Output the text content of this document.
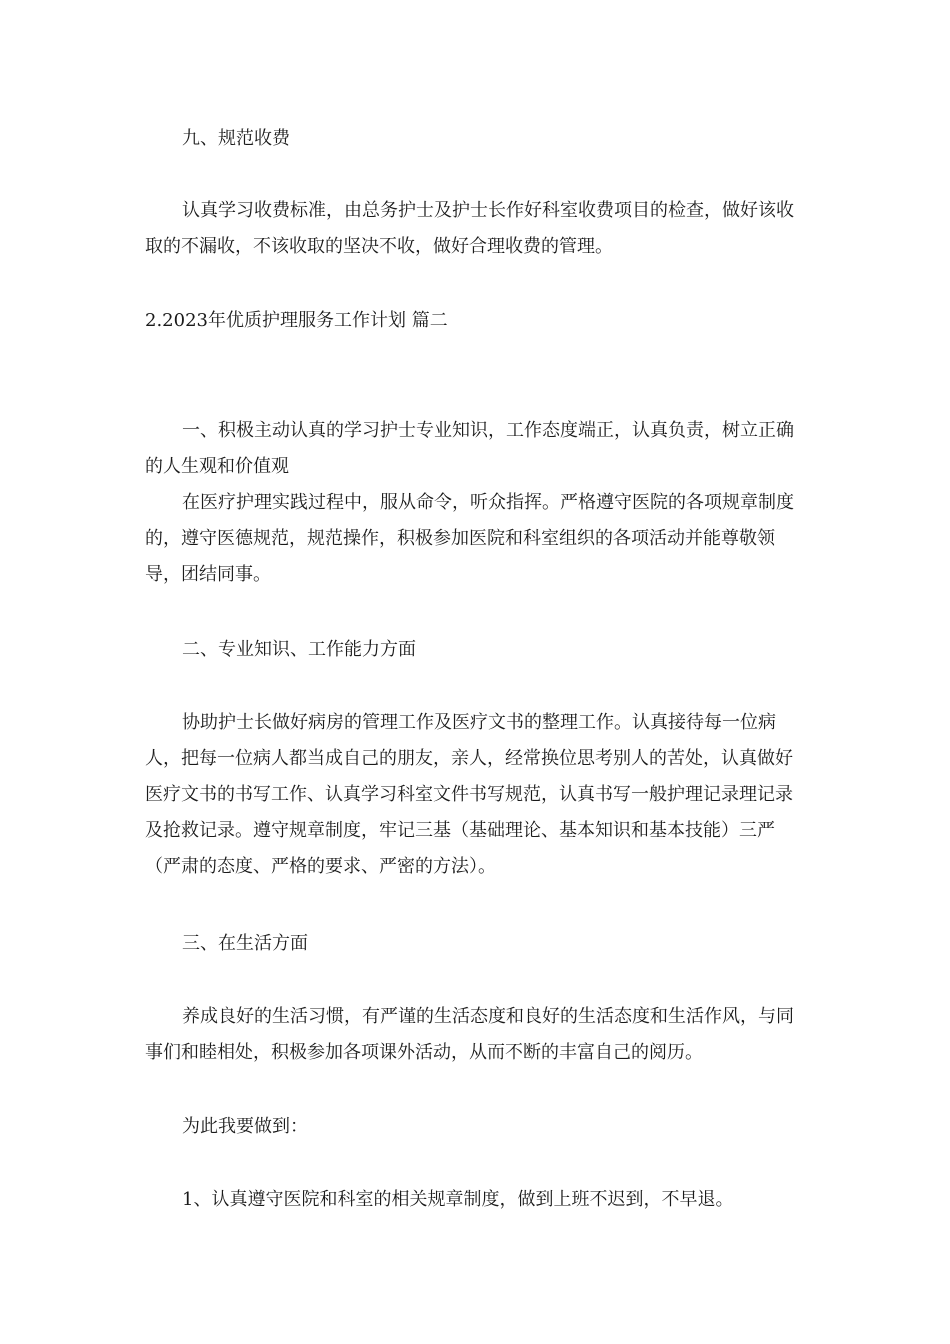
九、规范收费

认真学习收费标准，由总务护士及护士长作好科室收费项目的检查，做好该收取的不漏收，不该收取的坚决不收，做好合理收费的管理。

2.2023年优质护理服务工作计划 篇二

一、积极主动认真的学习护士专业知识，工作态度端正，认真负责，树立正确的人生观和价值观

在医疗护理实践过程中，服从命令，听众指挥。严格遵守医院的各项规章制度的，遵守医德规范，规范操作，积极参加医院和科室组织的各项活动并能尊敬领导，团结同事。

二、专业知识、工作能力方面

协助护士长做好病房的管理工作及医疗文书的整理工作。认真接待每一位病人，把每一位病人都当成自己的朋友，亲人，经常换位思考别人的苦处，认真做好医疗文书的书写工作、认真学习科室文件书写规范，认真书写一般护理记录理记录及抢救记录。遵守规章制度，牢记三基（基础理论、基本知识和基本技能）三严（严肃的态度、严格的要求、严密的方法）。

三、在生活方面

养成良好的生活习惯，有严谨的生活态度和良好的生活态度和生活作风，与同事们和睦相处，积极参加各项课外活动，从而不断的丰富自己的阅历。

为此我要做到：

1、认真遵守医院和科室的相关规章制度，做到上班不迟到，不早退。
